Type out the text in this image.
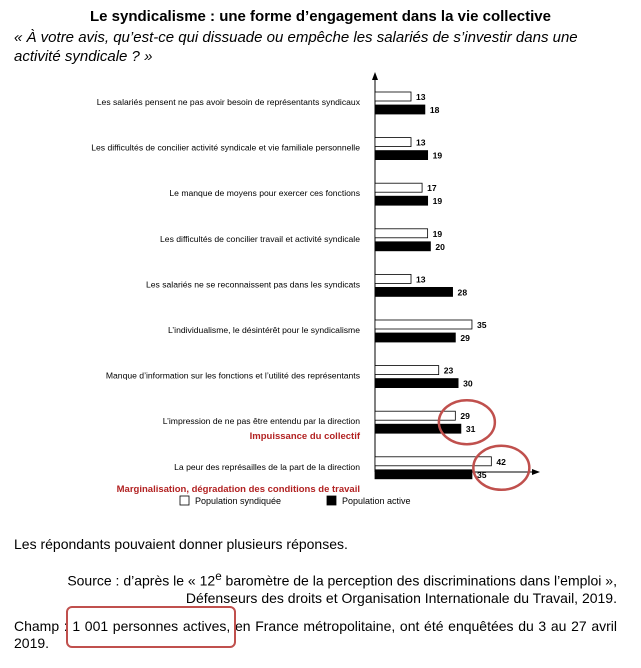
Le syndicalisme : une forme d’engagement dans la vie collective
« À votre avis, qu’est-ce qui dissuade ou empêche les salariés de s’investir dans une activité syndicale ? »
Les salariés pensent ne pas avoir besoin de représentants syndicaux
Les difficultés de concilier activité syndicale et vie familiale personnelle
Le manque de moyens pour exercer ces fonctions
Les difficultés de concilier travail et activité syndicale
Les salariés ne se reconnaissent pas dans les syndicats
L’individualisme, le désintérêt pour le syndicalisme
Manque d’information sur les fonctions et l’utilité des représentants
L’impression de ne pas être entendu par la direction
La peur des représailles de la part de la direction
13
18
13
19
17
19
19
20
13
28
35
29
23
30
29
31
42
35
Impuissance du collectif
Marginalisation, dégradation des conditions de travail
Population syndiquée	Population active
Les répondants pouvaient donner plusieurs réponses.
Source : d’après le « 12e baromètre de la perception des discriminations dans l’emploi », Défenseurs des droits et Organisation Internationale du Travail, 2019.
Champ : 1 001 personnes actives, en France métropolitaine, ont été enquêtées du 3 au 27 avril 2019.
